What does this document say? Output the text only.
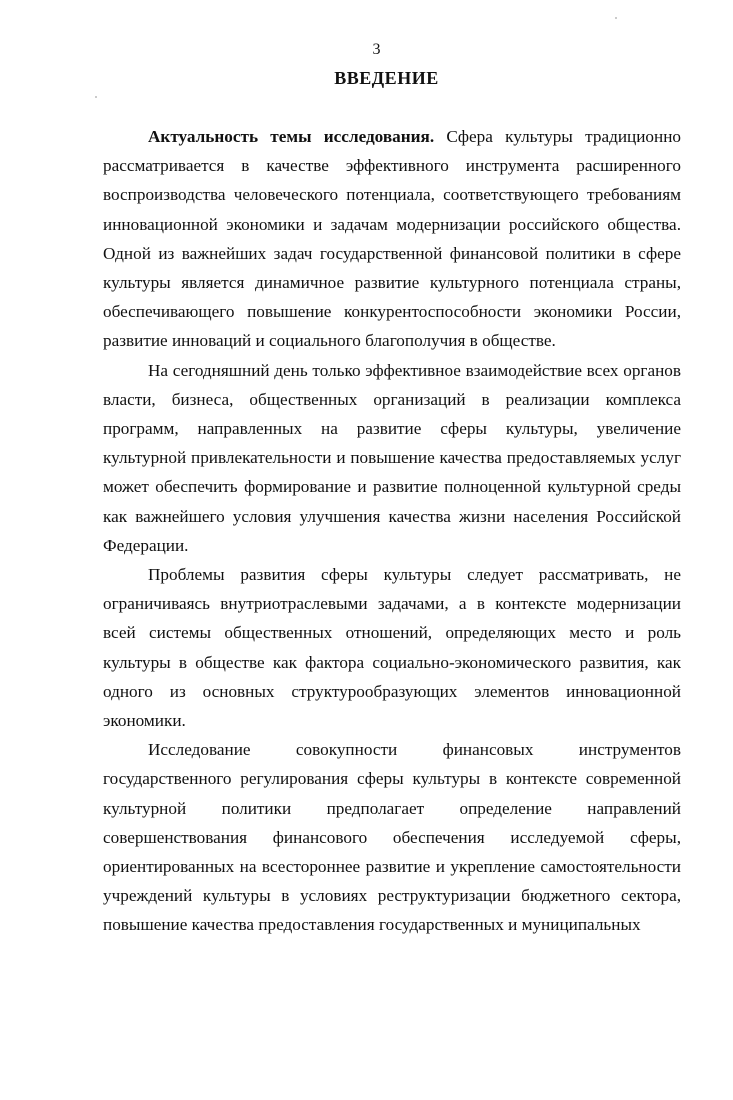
3
ВВЕДЕНИЕ

Актуальность темы исследования. Сфера культуры традиционно рассматривается в качестве эффективного инструмента расширенного воспроизводства человеческого потенциала, соответствующего требованиям инновационной экономики и задачам модернизации российского общества. Одной из важнейших задач государственной финансовой политики в сфере культуры является динамичное развитие культурного потенциала страны, обеспечивающего повышение конкурентоспособности экономики России, развитие инноваций и социального благополучия в обществе.

На сегодняшний день только эффективное взаимодействие всех органов власти, бизнеса, общественных организаций в реализации комплекса программ, направленных на развитие сферы культуры, увеличение культурной привлекательности и повышение качества предоставляемых услуг может обеспечить формирование и развитие полноценной культурной среды как важнейшего условия улучшения качества жизни населения Российской Федерации.

Проблемы развития сферы культуры следует рассматривать, не ограничиваясь внутриотраслевыми задачами, а в контексте модернизации всей системы общественных отношений, определяющих место и роль культуры в обществе как фактора социально-экономического развития, как одного из основных структурообразующих элементов инновационной экономики.

Исследование совокупности финансовых инструментов государственного регулирования сферы культуры в контексте современной культурной политики предполагает определение направлений совершенствования финансового обеспечения исследуемой сферы, ориентированных на всестороннее развитие и укрепление самостоятельности учреждений культуры в условиях реструктуризации бюджетного сектора, повышение качества предоставления государственных и муниципальных
